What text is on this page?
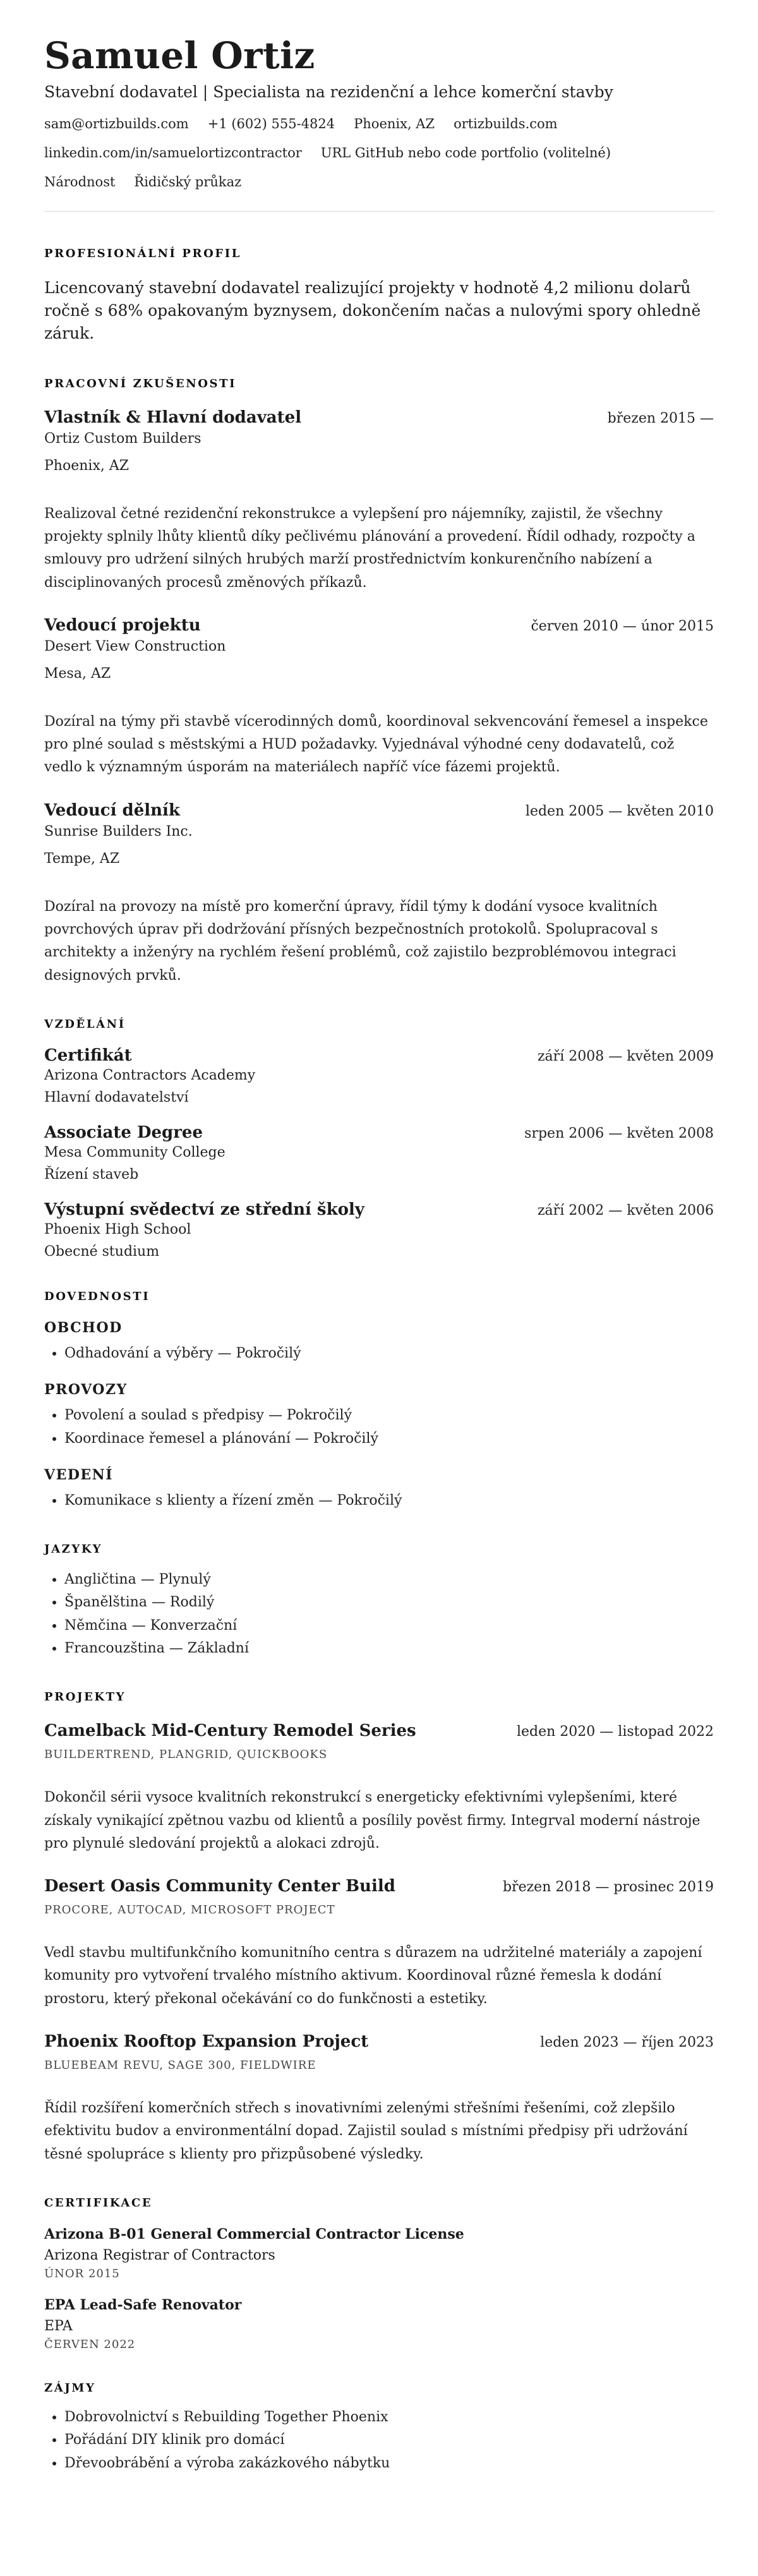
Samuel Ortiz
Stavební dodavatel | Specialista na rezidenční a lehce komerční stavby
sam@ortizbuilds.com +1 (602) 555-4824 Phoenix, AZ ortizbuilds.com
linkedin.com/in/samuelortizcontractor URL GitHub nebo code portfolio (volitelné)
Národnost Řidičský průkaz
PROFESIONÁLNÍ PROFIL
Licencovaný stavební dodavatel realizující projekty v hodnotě 4,2 milionu dolarů ročně s 68% opakovaným byznysem, dokončením načas a nulovými spory ohledně záruk.
PRACOVNÍ ZKUŠENOSTI
Vlastník & Hlavní dodavatel	březen 2015 —
Ortiz Custom Builders
Phoenix, AZ
Realizoval četné rezidenční rekonstrukce a vylepšení pro nájemníky, zajistil, že všechny projekty splnily lhůty klientů díky pečlivému plánování a provedení. Řídil odhady, rozpočty a smlouvy pro udržení silných hrubých marží prostřednictvím konkurenčního nabízení a disciplinovaných procesů změnových příkazů.
Vedoucí projektu	červen 2010 — únor 2015
Desert View Construction
Mesa, AZ
Dozíral na týmy při stavbě vícerodinných domů, koordinoval sekvencování řemesel a inspekce pro plné soulad s městskými a HUD požadavky. Vyjednával výhodné ceny dodavatelů, což vedlo k významným úsporám na materiálech napříč více fázemi projektů.
Vedoucí dělník	leden 2005 — květen 2010
Sunrise Builders Inc.
Tempe, AZ
Dozíral na provozy na místě pro komerční úpravy, řídil týmy k dodání vysoce kvalitních povrchových úprav při dodržování přísných bezpečnostních protokolů. Spolupracoval s architekty a inženýry na rychlém řešení problémů, což zajistilo bezproblémovou integraci designových prvků.
VZDĚLÁNÍ
Certifikát	září 2008 — květen 2009
Arizona Contractors Academy
Hlavní dodavatelství
Associate Degree	srpen 2006 — květen 2008
Mesa Community College
Řízení staveb
Výstupní svědectví ze střední školy	září 2002 — květen 2006
Phoenix High School
Obecné studium
DOVEDNOSTI
OBCHOD
• Odhadování a výběry — Pokročilý
PROVOZY
• Povolení a soulad s předpisy — Pokročilý
• Koordinace řemesel a plánování — Pokročilý
VEDENÍ
• Komunikace s klienty a řízení změn — Pokročilý
JAZYKY
• Angličtina — Plynulý
• Španělština — Rodilý
• Němčina — Konverzační
• Francouzština — Základní
PROJEKTY
Camelback Mid-Century Remodel Series	leden 2020 — listopad 2022
BUILDERTREND, PLANGRID, QUICKBOOKS
Dokončil sérii vysoce kvalitních rekonstrukcí s energeticky efektivními vylepšeními, které získaly vynikající zpětnou vazbu od klientů a posílily pověst firmy. Integrval moderní nástroje pro plynulé sledování projektů a alokaci zdrojů.
Desert Oasis Community Center Build	březen 2018 — prosinec 2019
PROCORE, AUTOCAD, MICROSOFT PROJECT
Vedl stavbu multifunkčního komunitního centra s důrazem na udržitelné materiály a zapojení komunity pro vytvoření trvalého místního aktivum. Koordinoval různé řemesla k dodání prostoru, který překonal očekávání co do funkčnosti a estetiky.
Phoenix Rooftop Expansion Project	leden 2023 — říjen 2023
BLUEBEAM REVU, SAGE 300, FIELDWIRE
Řídil rozšíření komerčních střech s inovativními zelenými střešními řešeními, což zlepšilo efektivitu budov a environmentální dopad. Zajistil soulad s místními předpisy při udržování těsné spolupráce s klienty pro přizpůsobené výsledky.
CERTIFIKACE
Arizona B-01 General Commercial Contractor License
Arizona Registrar of Contractors
ÚNOR 2015
EPA Lead-Safe Renovator
EPA
ČERVEN 2022
ZÁJMY
• Dobrovolnictví s Rebuilding Together Phoenix
• Pořádání DIY klinik pro domácí
• Dřevoobrábění a výroba zakázkového nábytku
